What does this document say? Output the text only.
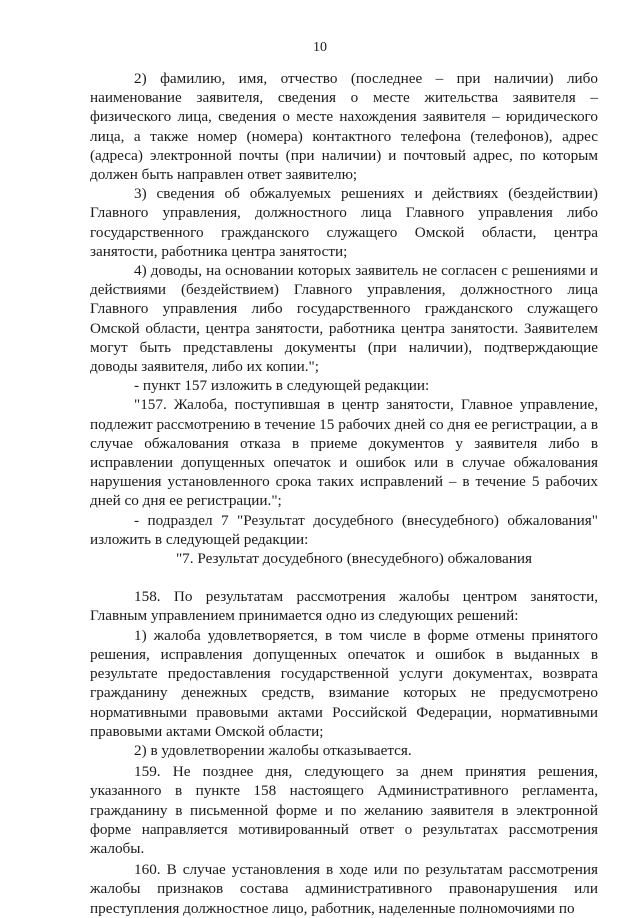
10

2) фамилию, имя, отчество (последнее – при наличии) либо наименование заявителя, сведения о месте жительства заявителя – физического лица, сведения о месте нахождения заявителя – юридического лица, а также номер (номера) контактного телефона (телефонов), адрес (адреса) электронной почты (при наличии) и почтовый адрес, по которым должен быть направлен ответ заявителю;

3) сведения об обжалуемых решениях и действиях (бездействии) Главного управления, должностного лица Главного управления либо государственного гражданского служащего Омской области, центра занятости, работника центра занятости;

4) доводы, на основании которых заявитель не согласен с решениями и действиями (бездействием) Главного управления, должностного лица Главного управления либо государственного гражданского служащего Омской области, центра занятости, работника центра занятости. Заявителем могут быть представлены документы (при наличии), подтверждающие доводы заявителя, либо их копии.";

- пункт 157 изложить в следующей редакции:

"157. Жалоба, поступившая в центр занятости, Главное управление, подлежит рассмотрению в течение 15 рабочих дней со дня ее регистрации, а в случае обжалования отказа в приеме документов у заявителя либо в исправлении допущенных опечаток и ошибок или в случае обжалования нарушения установленного срока таких исправлений – в течение 5 рабочих дней со дня ее регистрации.";

- подраздел 7 "Результат досудебного (внесудебного) обжалования" изложить в следующей редакции:

"7. Результат досудебного (внесудебного) обжалования

158. По результатам рассмотрения жалобы центром занятости, Главным управлением принимается одно из следующих решений:

1) жалоба удовлетворяется, в том числе в форме отмены принятого решения, исправления допущенных опечаток и ошибок в выданных в результате предоставления государственной услуги документах, возврата гражданину денежных средств, взимание которых не предусмотрено нормативными правовыми актами Российской Федерации, нормативными правовыми актами Омской области;

2) в удовлетворении жалобы отказывается.

159. Не позднее дня, следующего за днем принятия решения, указанного в пункте 158 настоящего Административного регламента, гражданину в письменной форме и по желанию заявителя в электронной форме направляется мотивированный ответ о результатах рассмотрения жалобы.

160. В случае установления в ходе или по результатам рассмотрения жалобы признаков состава административного правонарушения или преступления должностное лицо, работник, наделенные полномочиями по
